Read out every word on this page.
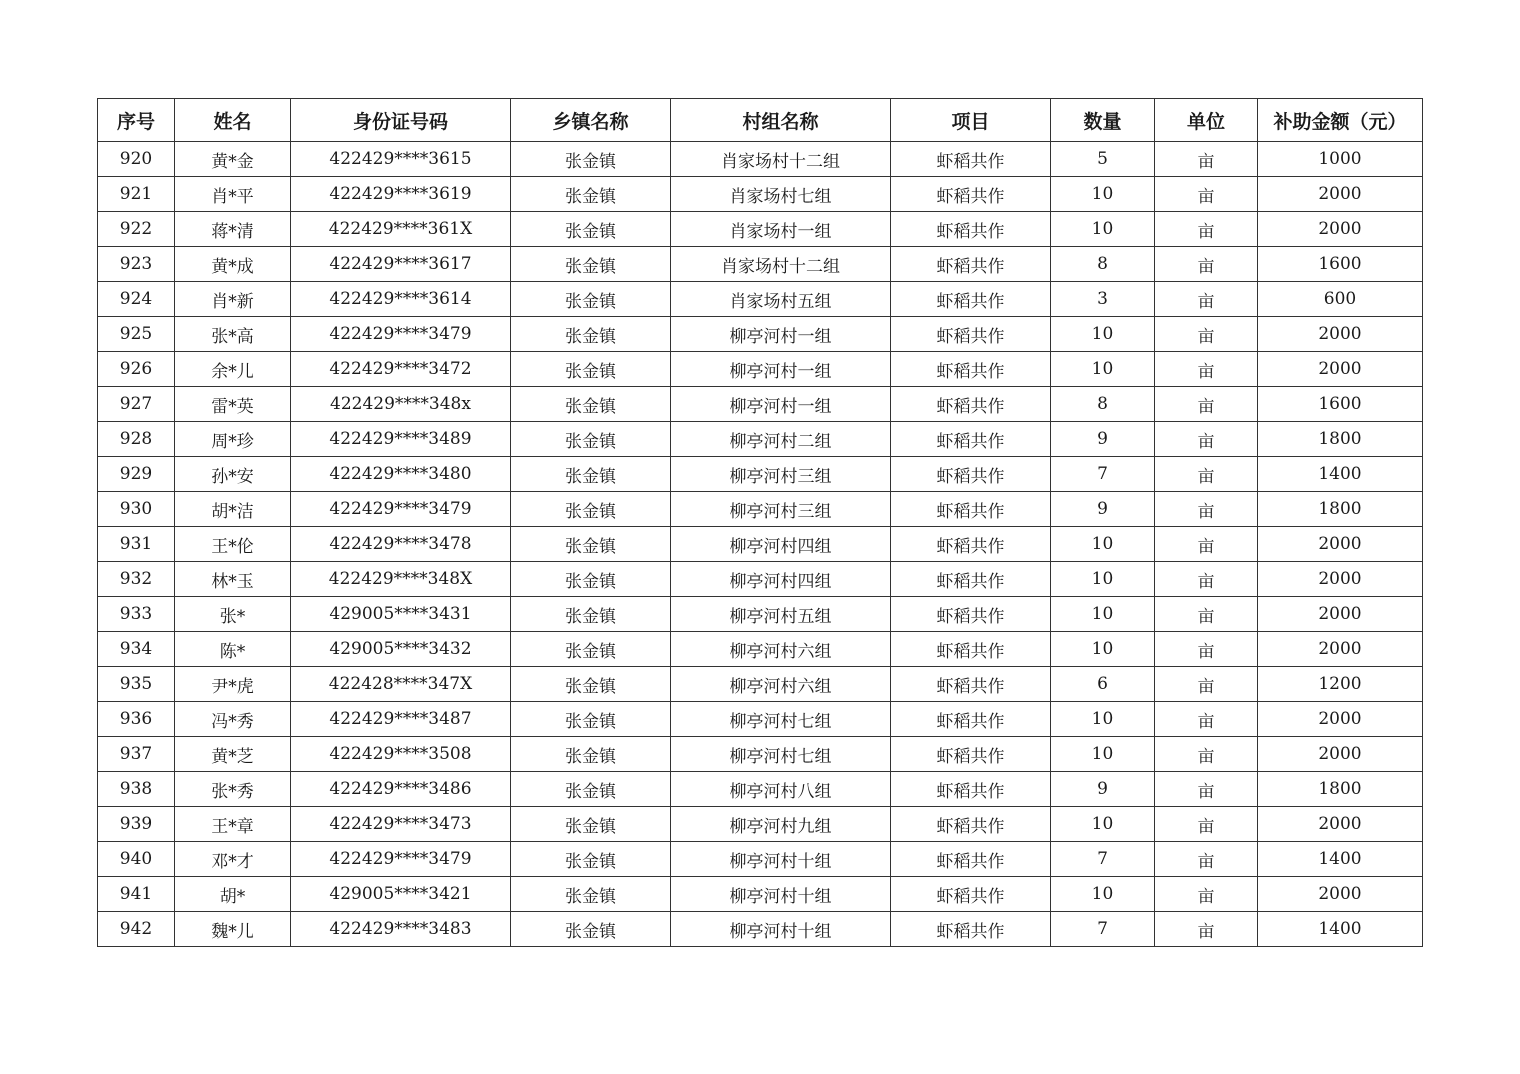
序号	姓名	身份证号码	乡镇名称	村组名称	项目	数量	单位	补助金额（元）
920	黄*金	422429****3615	张金镇	肖家场村十二组	虾稻共作	5	亩	1000
921	肖*平	422429****3619	张金镇	肖家场村七组	虾稻共作	10	亩	2000
922	蒋*清	422429****361X	张金镇	肖家场村一组	虾稻共作	10	亩	2000
923	黄*成	422429****3617	张金镇	肖家场村十二组	虾稻共作	8	亩	1600
924	肖*新	422429****3614	张金镇	肖家场村五组	虾稻共作	3	亩	600
925	张*高	422429****3479	张金镇	柳亭河村一组	虾稻共作	10	亩	2000
926	余*儿	422429****3472	张金镇	柳亭河村一组	虾稻共作	10	亩	2000
927	雷*英	422429****348x	张金镇	柳亭河村一组	虾稻共作	8	亩	1600
928	周*珍	422429****3489	张金镇	柳亭河村二组	虾稻共作	9	亩	1800
929	孙*安	422429****3480	张金镇	柳亭河村三组	虾稻共作	7	亩	1400
930	胡*洁	422429****3479	张金镇	柳亭河村三组	虾稻共作	9	亩	1800
931	王*伦	422429****3478	张金镇	柳亭河村四组	虾稻共作	10	亩	2000
932	林*玉	422429****348X	张金镇	柳亭河村四组	虾稻共作	10	亩	2000
933	张*	429005****3431	张金镇	柳亭河村五组	虾稻共作	10	亩	2000
934	陈*	429005****3432	张金镇	柳亭河村六组	虾稻共作	10	亩	2000
935	尹*虎	422428****347X	张金镇	柳亭河村六组	虾稻共作	6	亩	1200
936	冯*秀	422429****3487	张金镇	柳亭河村七组	虾稻共作	10	亩	2000
937	黄*芝	422429****3508	张金镇	柳亭河村七组	虾稻共作	10	亩	2000
938	张*秀	422429****3486	张金镇	柳亭河村八组	虾稻共作	9	亩	1800
939	王*章	422429****3473	张金镇	柳亭河村九组	虾稻共作	10	亩	2000
940	邓*才	422429****3479	张金镇	柳亭河村十组	虾稻共作	7	亩	1400
941	胡*	429005****3421	张金镇	柳亭河村十组	虾稻共作	10	亩	2000
942	魏*儿	422429****3483	张金镇	柳亭河村十组	虾稻共作	7	亩	1400
